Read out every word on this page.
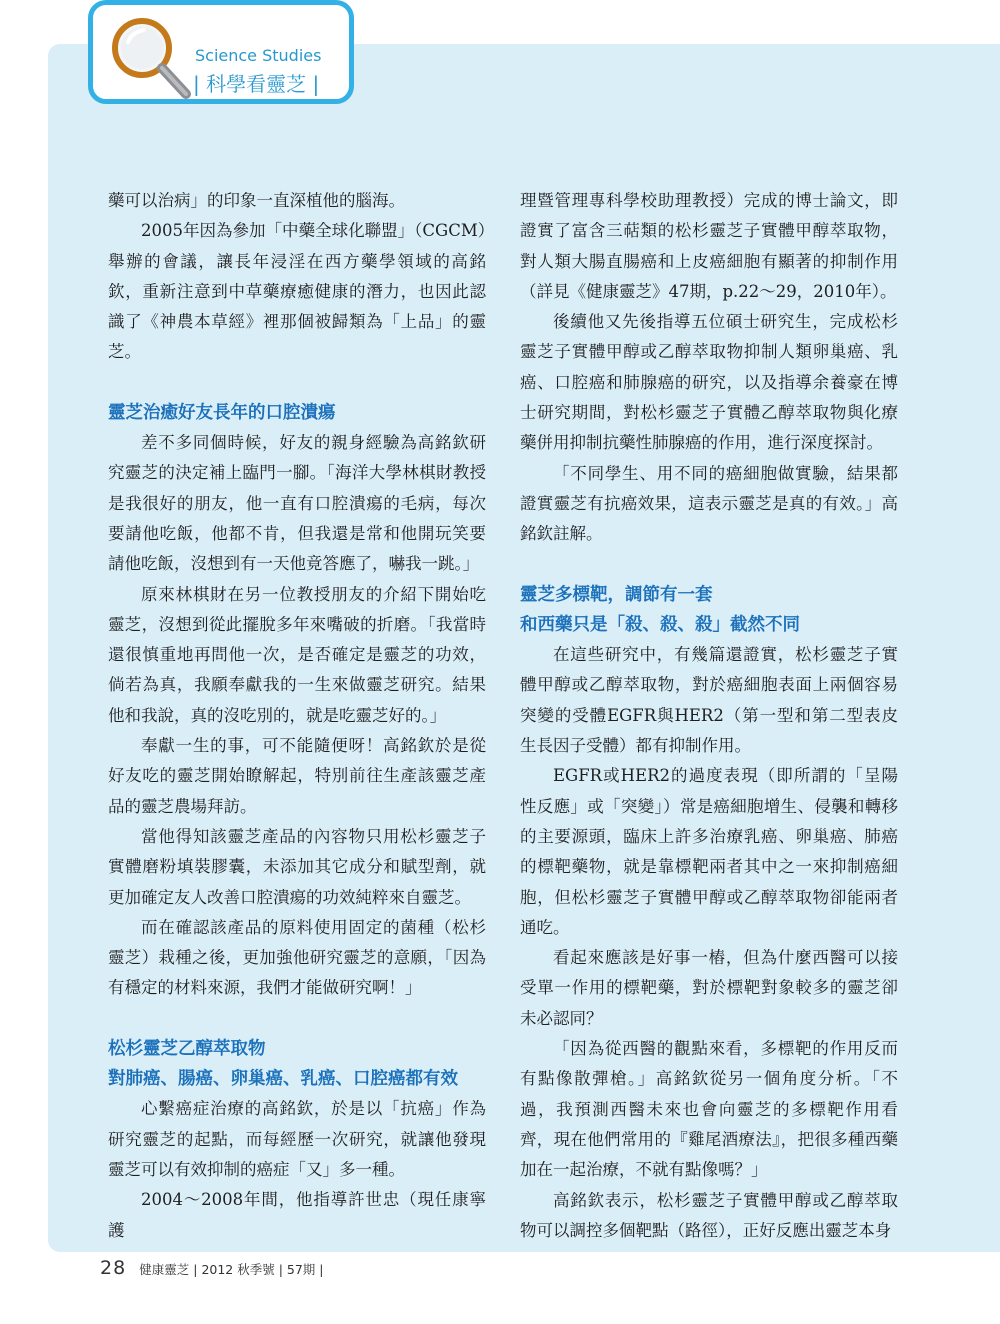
Science Studies
| 科學看靈芝 |

藥可以治病」的印象一直深植他的腦海。

2005年因為參加「中藥全球化聯盟」（CGCM）舉辦的會議，讓長年浸淫在西方藥學領域的高銘欽，重新注意到中草藥療癒健康的潛力，也因此認識了《神農本草經》裡那個被歸類為「上品」的靈芝。

靈芝治癒好友長年的口腔潰瘍

差不多同個時候，好友的親身經驗為高銘欽研究靈芝的決定補上臨門一腳。「海洋大學林棋財教授是我很好的朋友，他一直有口腔潰瘍的毛病，每次要請他吃飯，他都不肯，但我還是常和他開玩笑要請他吃飯，沒想到有一天他竟答應了，嚇我一跳。」

原來林棋財在另一位教授朋友的介紹下開始吃靈芝，沒想到從此擺脫多年來嘴破的折磨。「我當時還很慎重地再問他一次，是否確定是靈芝的功效，倘若為真，我願奉獻我的一生來做靈芝研究。結果他和我說，真的沒吃別的，就是吃靈芝好的。」

奉獻一生的事，可不能隨便呀！高銘欽於是從好友吃的靈芝開始瞭解起，特別前往生產該靈芝產品的靈芝農場拜訪。

當他得知該靈芝產品的內容物只用松杉靈芝子實體磨粉填裝膠囊，未添加其它成分和賦型劑，就更加確定友人改善口腔潰瘍的功效純粹來自靈芝。

而在確認該產品的原料使用固定的菌種（松杉靈芝）栽種之後，更加強他研究靈芝的意願，「因為有穩定的材料來源，我們才能做研究啊！」

松杉靈芝乙醇萃取物
對肺癌、腸癌、卵巢癌、乳癌、口腔癌都有效

心繫癌症治療的高銘欽，於是以「抗癌」作為研究靈芝的起點，而每經歷一次研究，就讓他發現靈芝可以有效抑制的癌症「又」多一種。

2004～2008年間，他指導許世忠（現任康寧護

理暨管理專科學校助理教授）完成的博士論文，即證實了富含三萜類的松杉靈芝子實體甲醇萃取物，對人類大腸直腸癌和上皮癌細胞有顯著的抑制作用（詳見《健康靈芝》47期，p.22～29，2010年）。

後續他又先後指導五位碩士研究生，完成松杉靈芝子實體甲醇或乙醇萃取物抑制人類卵巢癌、乳癌、口腔癌和肺腺癌的研究，以及指導余養豪在博士研究期間，對松杉靈芝子實體乙醇萃取物與化療藥併用抑制抗藥性肺腺癌的作用，進行深度探討。

「不同學生、用不同的癌細胞做實驗，結果都證實靈芝有抗癌效果，這表示靈芝是真的有效。」高銘欽註解。

靈芝多標靶，調節有一套
和西藥只是「殺、殺、殺」截然不同

在這些研究中，有幾篇還證實，松杉靈芝子實體甲醇或乙醇萃取物，對於癌細胞表面上兩個容易突變的受體EGFR與HER2（第一型和第二型表皮生長因子受體）都有抑制作用。

EGFR或HER2的過度表現（即所謂的「呈陽性反應」或「突變」）常是癌細胞增生、侵襲和轉移的主要源頭，臨床上許多治療乳癌、卵巢癌、肺癌的標靶藥物，就是靠標靶兩者其中之一來抑制癌細胞，但松杉靈芝子實體甲醇或乙醇萃取物卻能兩者通吃。

看起來應該是好事一樁，但為什麼西醫可以接受單一作用的標靶藥，對於標靶對象較多的靈芝卻未必認同？

「因為從西醫的觀點來看，多標靶的作用反而有點像散彈槍。」高銘欽從另一個角度分析。「不過，我預測西醫未來也會向靈芝的多標靶作用看齊，現在他們常用的『雞尾酒療法』，把很多種西藥加在一起治療，不就有點像嗎？」

高銘欽表示，松杉靈芝子實體甲醇或乙醇萃取物可以調控多個靶點（路徑），正好反應出靈芝本身

28 健康靈芝 | 2012 秋季號 | 57期 |
